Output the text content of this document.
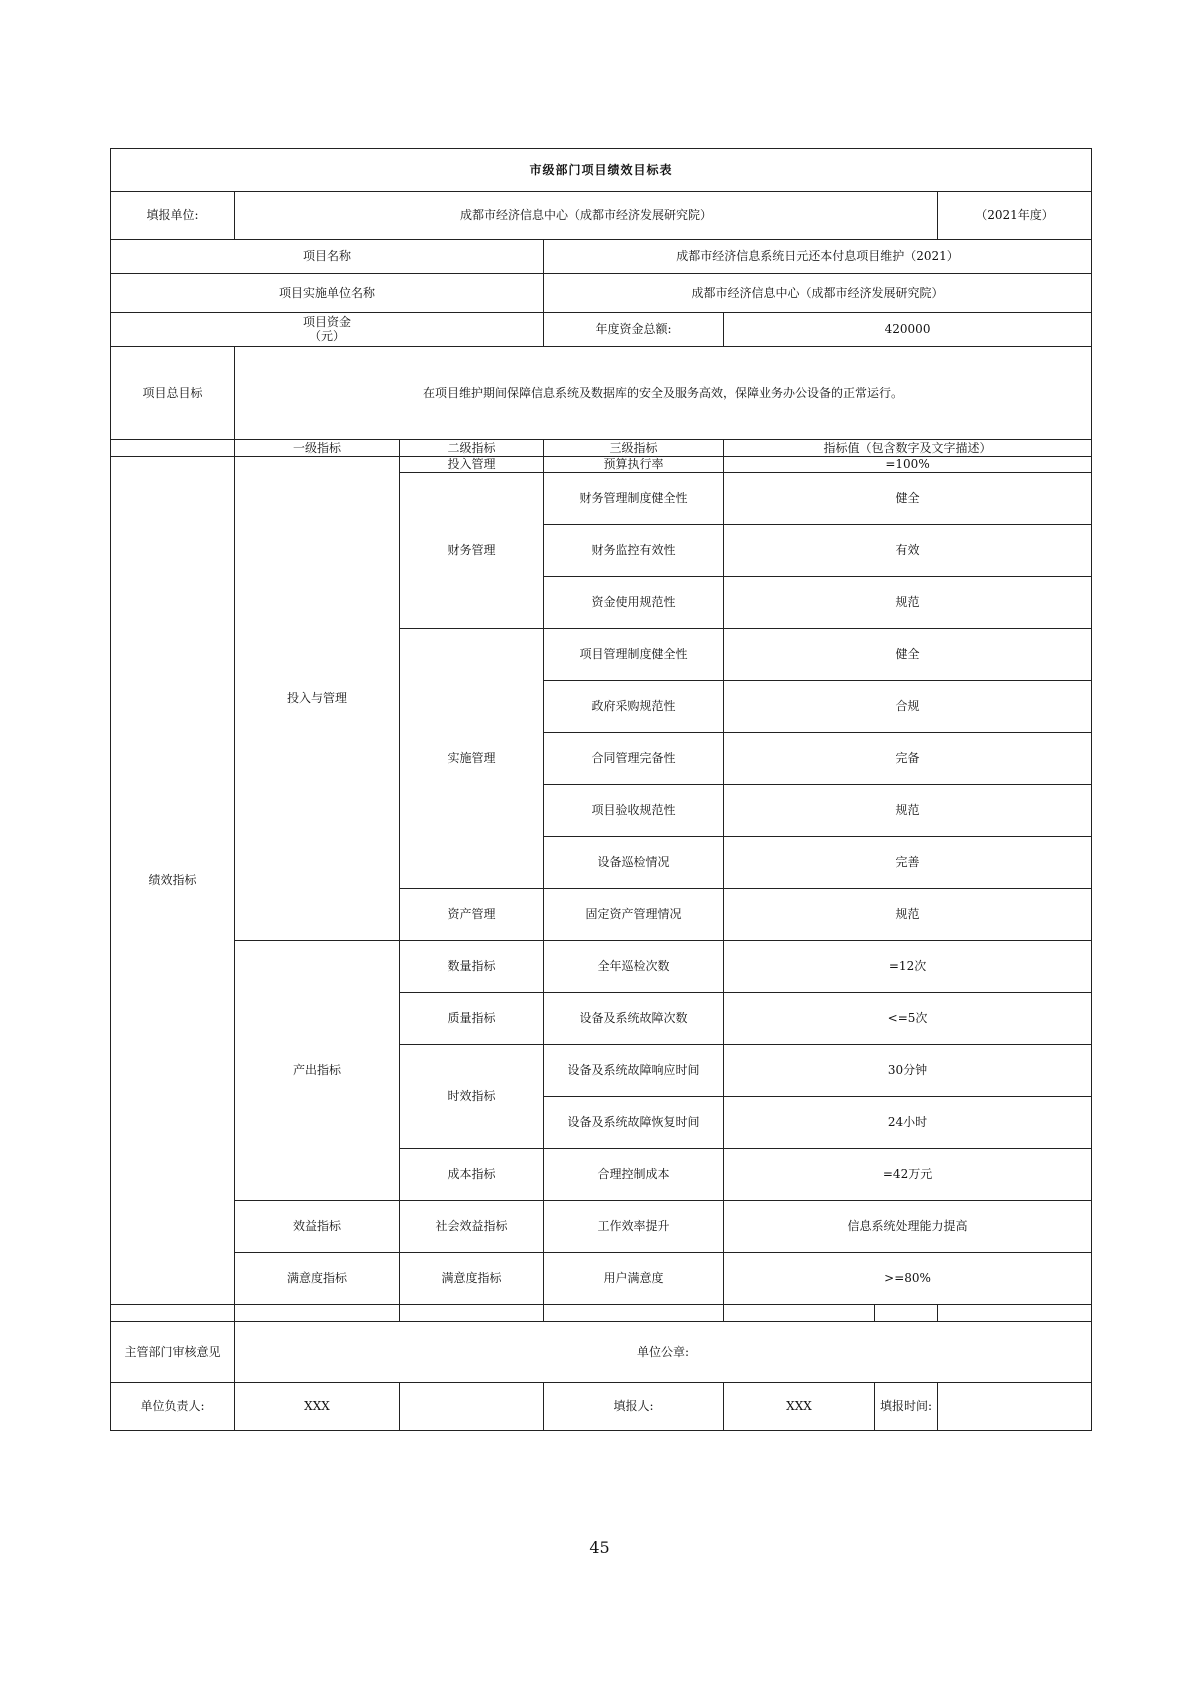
市级部门项目绩效目标表						
填报单位:	成都市经济信息中心（成都市经济发展研究院）					（2021年度）
项目名称			成都市经济信息系统日元还本付息项目维护（2021）			
项目实施单位名称			成都市经济信息中心（成都市经济发展研究院）			

项目资金
（元）			年度资金总额:	420000		
项目总目标	在项目维护期间保障信息系统及数据库的安全及服务高效，保障业务办公设备的正常运行。					
	一级指标	二级指标	三级指标	指标值（包含数字及文字描述）		
绩效指标	投入与管理	投入管理	预算执行率	=100%		
		财务管理	财务管理制度健全性	健全		
			财务监控有效性	有效		
			资金使用规范性	规范		
		实施管理	项目管理制度健全性	健全		
			政府采购规范性	合规		
			合同管理完备性	完备		
			项目验收规范性	规范		
			设备巡检情况	完善		
		资产管理	固定资产管理情况	规范		
	产出指标	数量指标	全年巡检次数	=12次		
		质量指标	设备及系统故障次数	<=5次		
		时效指标	设备及系统故障响应时间	30分钟		
			设备及系统故障恢复时间	24小时		
		成本指标	合理控制成本	=42万元		
	效益指标	社会效益指标	工作效率提升	信息系统处理能力提高		
	满意度指标	满意度指标	用户满意度	>=80%		

主管部门审核意见	单位公章:					
单位负责人:	XXX		填报人:	XXX	填报时间:	
45
